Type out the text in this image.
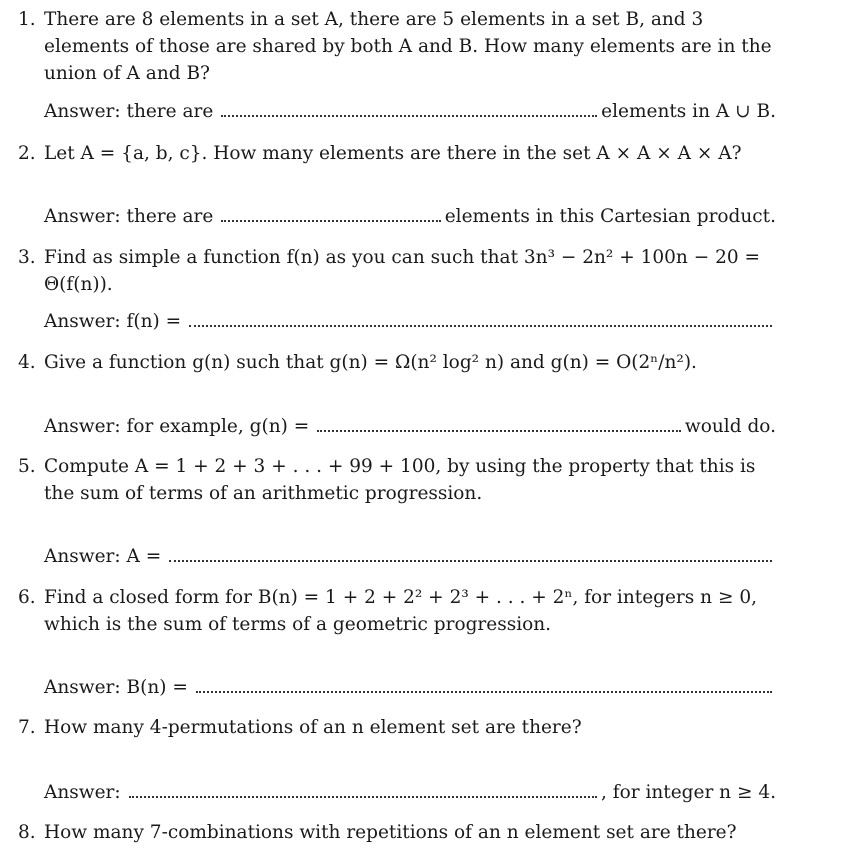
1. There are 8 elements in a set A, there are 5 elements in a set B, and 3 elements of those are shared by both A and B. How many elements are in the union of A and B?
Answer: there are	elements in A ∪ B.
2. Let A = {a, b, c}. How many elements are there in the set A × A × A × A?
Answer: there are	elements in this Cartesian product.
3. Find as simple a function f(n) as you can such that 3n³ − 2n² + 100n − 20 = Θ(f(n)).
Answer: f(n) =
4. Give a function g(n) such that g(n) = Ω(n² log² n) and g(n) = O(2ⁿ/n²).
Answer: for example, g(n) =	would do.
5. Compute A = 1 + 2 + 3 + . . . + 99 + 100, by using the property that this is the sum of terms of an arithmetic progression.
Answer: A =
6. Find a closed form for B(n) = 1 + 2 + 2² + 2³ + . . . + 2ⁿ, for integers n ≥ 0, which is the sum of terms of a geometric progression.
Answer: B(n) =
7. How many 4-permutations of an n element set are there?
Answer:	, for integer n ≥ 4.
8. How many 7-combinations with repetitions of an n element set are there?
